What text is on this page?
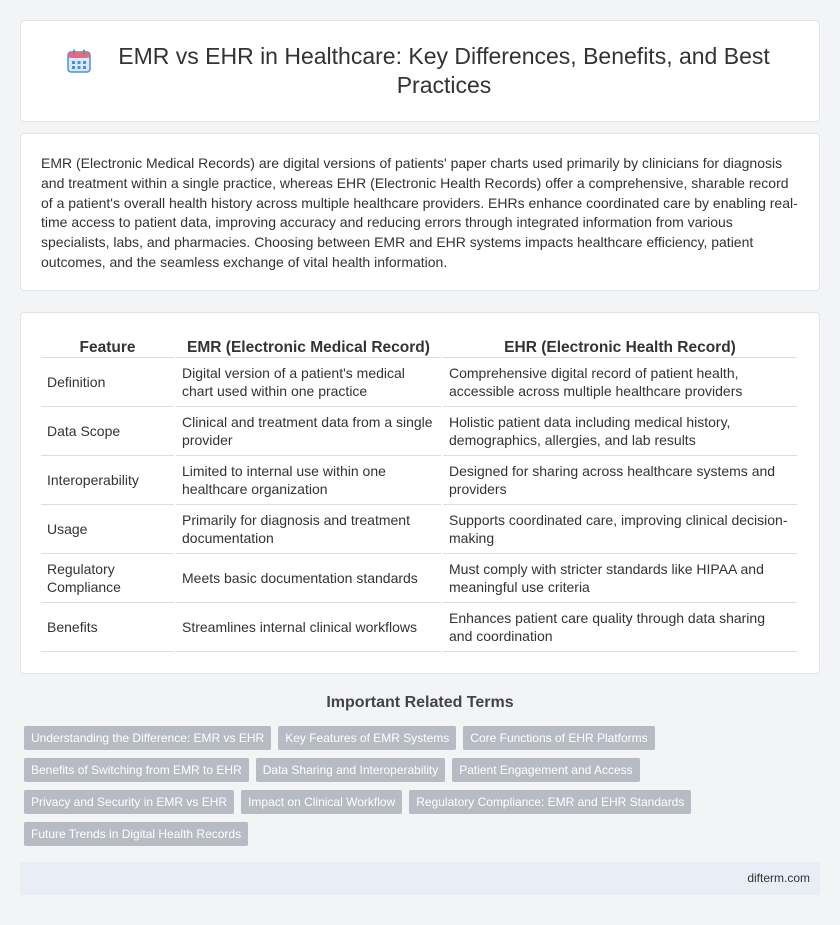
EMR vs EHR in Healthcare: Key Differences, Benefits, and Best Practices

EMR (Electronic Medical Records) are digital versions of patients' paper charts used primarily by clinicians for diagnosis and treatment within a single practice, whereas EHR (Electronic Health Records) offer a comprehensive, sharable record of a patient's overall health history across multiple healthcare providers. EHRs enhance coordinated care by enabling real-time access to patient data, improving accuracy and reducing errors through integrated information from various specialists, labs, and pharmacies. Choosing between EMR and EHR systems impacts healthcare efficiency, patient outcomes, and the seamless exchange of vital health information.

Feature	EMR (Electronic Medical Record)	EHR (Electronic Health Record)
Definition	Digital version of a patient's medical chart used within one practice	Comprehensive digital record of patient health, accessible across multiple healthcare providers
Data Scope	Clinical and treatment data from a single provider	Holistic patient data including medical history, demographics, allergies, and lab results
Interoperability	Limited to internal use within one healthcare organization	Designed for sharing across healthcare systems and providers
Usage	Primarily for diagnosis and treatment documentation	Supports coordinated care, improving clinical decision-making
Regulatory Compliance	Meets basic documentation standards	Must comply with stricter standards like HIPAA and meaningful use criteria
Benefits	Streamlines internal clinical workflows	Enhances patient care quality through data sharing and coordination
Important Related Terms
Understanding the Difference: EMR vs EHR	Key Features of EMR Systems	Core Functions of EHR Platforms
Benefits of Switching from EMR to EHR	Data Sharing and Interoperability	Patient Engagement and Access
Privacy and Security in EMR vs EHR	Impact on Clinical Workflow	Regulatory Compliance: EMR and EHR Standards
Future Trends in Digital Health Records
difterm.com
